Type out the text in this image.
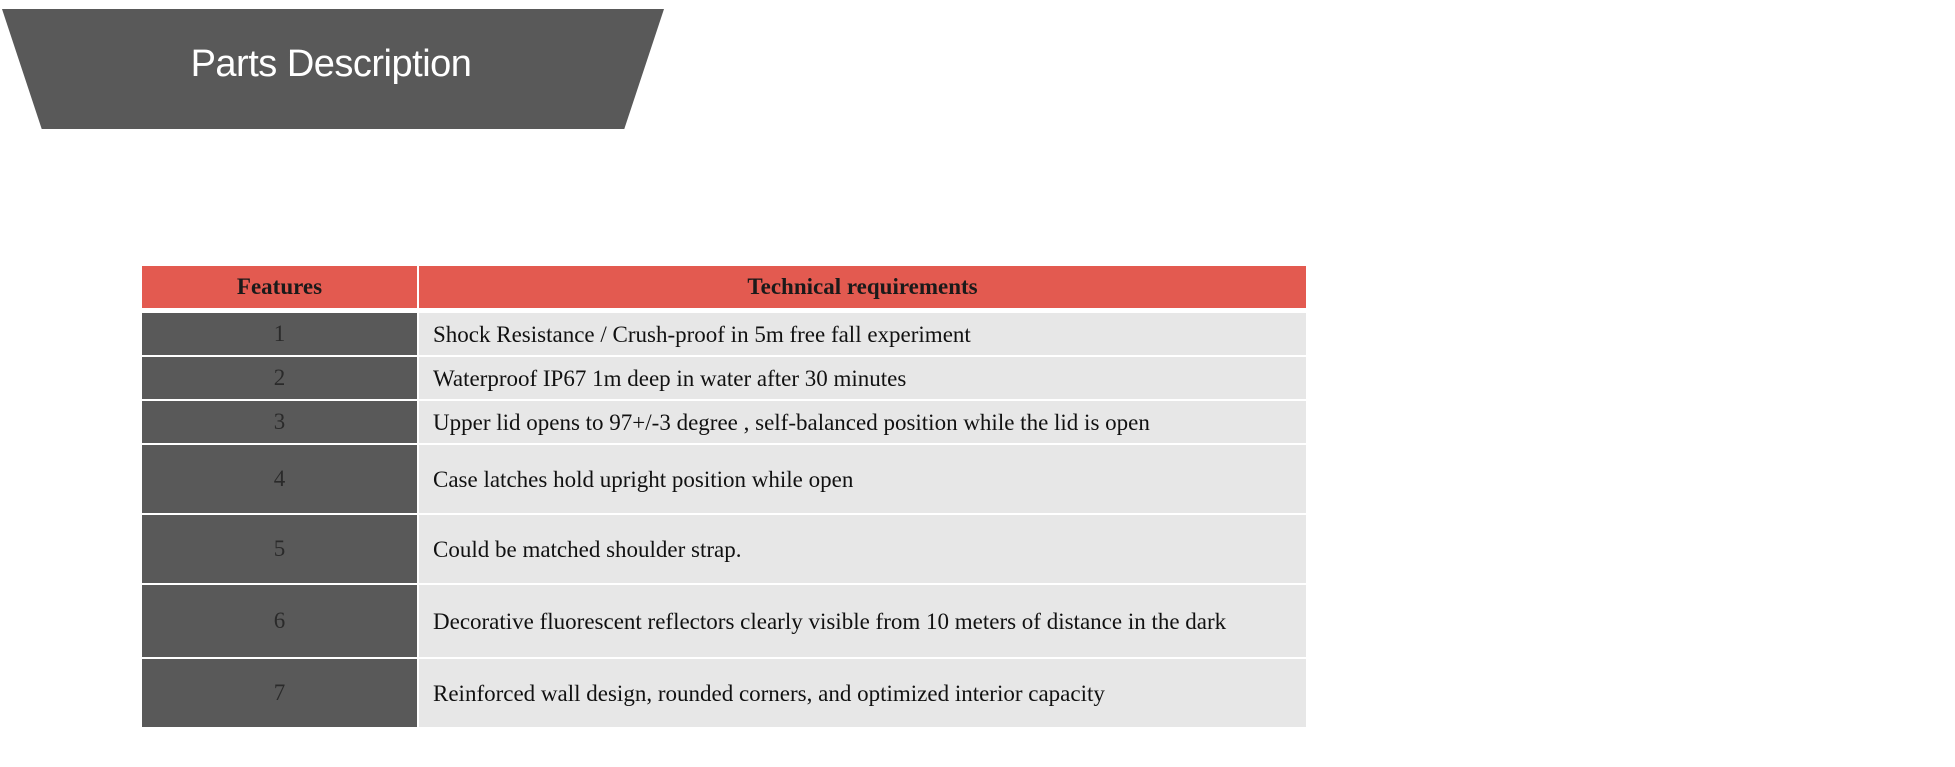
Parts Description
Features	Technical requirements
1	Shock Resistance / Crush-proof in 5m free fall experiment
2	Waterproof IP67 1m deep in water after 30 minutes
3	Upper lid opens to 97+/-3 degree , self-balanced position while the lid is open
4	Case latches hold upright position while open
5	Could be matched shoulder strap.
6	Decorative fluorescent reflectors clearly visible from 10 meters of distance in the dark
7	Reinforced wall design, rounded corners, and optimized interior capacity
